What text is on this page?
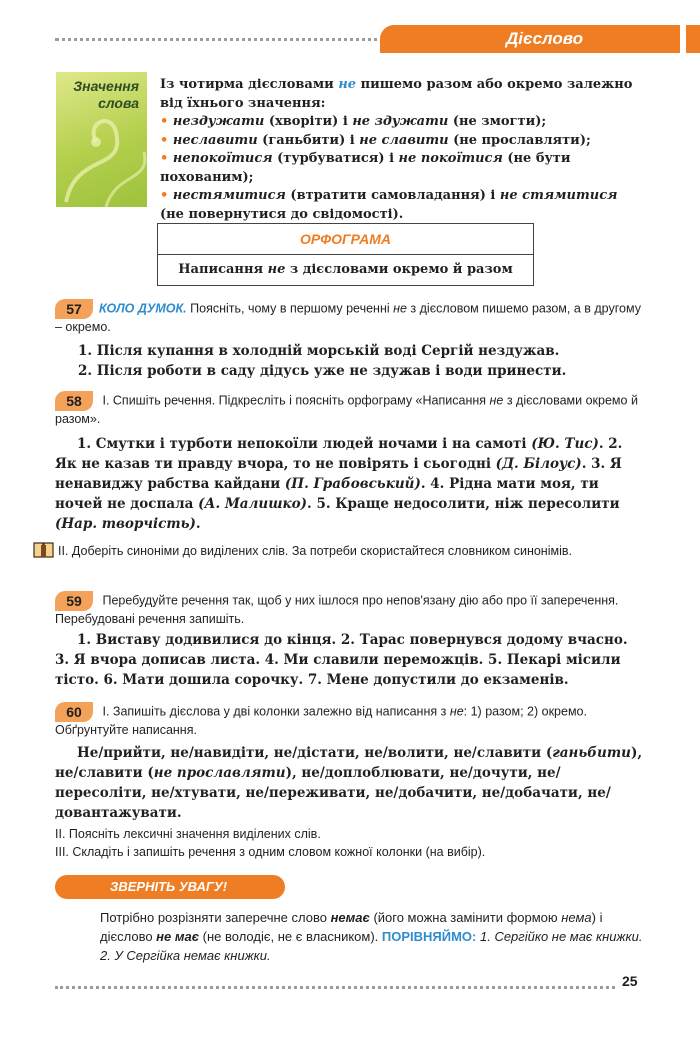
Дієслово
Значення
слова
Із чотирма дієсловами не пишемо разом або окремо залежно від їхнього значення:
• нездужати (хворіти) і не здужати (не змогти);
• неславити (ганьбити) і не славити (не прославляти);
• непокоїтися (турбуватися) і не покоїтися (не бути похованим);
• нестямитися (втратити самовладання) і не стямитися (не повернутися до свідомості).
ОРФОГРАМА
Написання не з дієсловами окремо й разом
57 КОЛО ДУМОК. Поясніть, чому в першому реченні не з дієсловом пишемо разом, а в другому – окремо.
1. Після купання в холодній морській воді Сергій нездужав.
2. Після роботи в саду дідусь уже не здужав і води принести.
58 І. Спишіть речення. Підкресліть і поясніть орфограму «Написання не з дієсловами окремо й разом».
1. Смутки і турботи непокоїли людей ночами і на самоті (Ю. Тис). 2. Як не казав ти правду вчора, то не повірять і сьогодні (Д. Білоус). 3. Я ненавиджу рабства кайдани (П. Грабовський). 4. Рідна мати моя, ти ночей не доспала (А. Малишко). 5. Краще недосолити, ніж пересолити (Нар. творчість).
ІІ. Доберіть синоніми до виділених слів. За потреби скористайтеся словником синонімів.
59 Перебудуйте речення так, щоб у них ішлося про непов'язану дію або про її заперечення. Перебудовані речення запишіть.
1. Виставу додивилися до кінця. 2. Тарас повернувся додому вчасно. 3. Я вчора дописав листа. 4. Ми славили переможців. 5. Пекарі місили тісто. 6. Мати дошила сорочку. 7. Мене допустили до екзаменів.
60 І. Запишіть дієслова у дві колонки залежно від написання з не: 1) разом; 2) окремо. Обґрунтуйте написання.
Не/прийти, не/навидіти, не/дістати, не/волити, не/славити (ганьбити), не/славити (не прославляти), не/доплоблювати, не/дочути, не/пересоліти, не/хтувати, не/переживати, не/добачити, не/добачати, не/довантажувати.
ІІ. Поясніть лексичні значення виділених слів.
ІІІ. Складіть і запишіть речення з одним словом кожної колонки (на вибір).
ЗВЕРНІТЬ УВАГУ!
Потрібно розрізняти заперечне слово немає (його можна замінити формою нема) і дієслово не має (не володіє, не є власником). ПОРІВНЯЙМО: 1. Сергійко не має книжки. 2. У Сергійка немає книжки.
25
